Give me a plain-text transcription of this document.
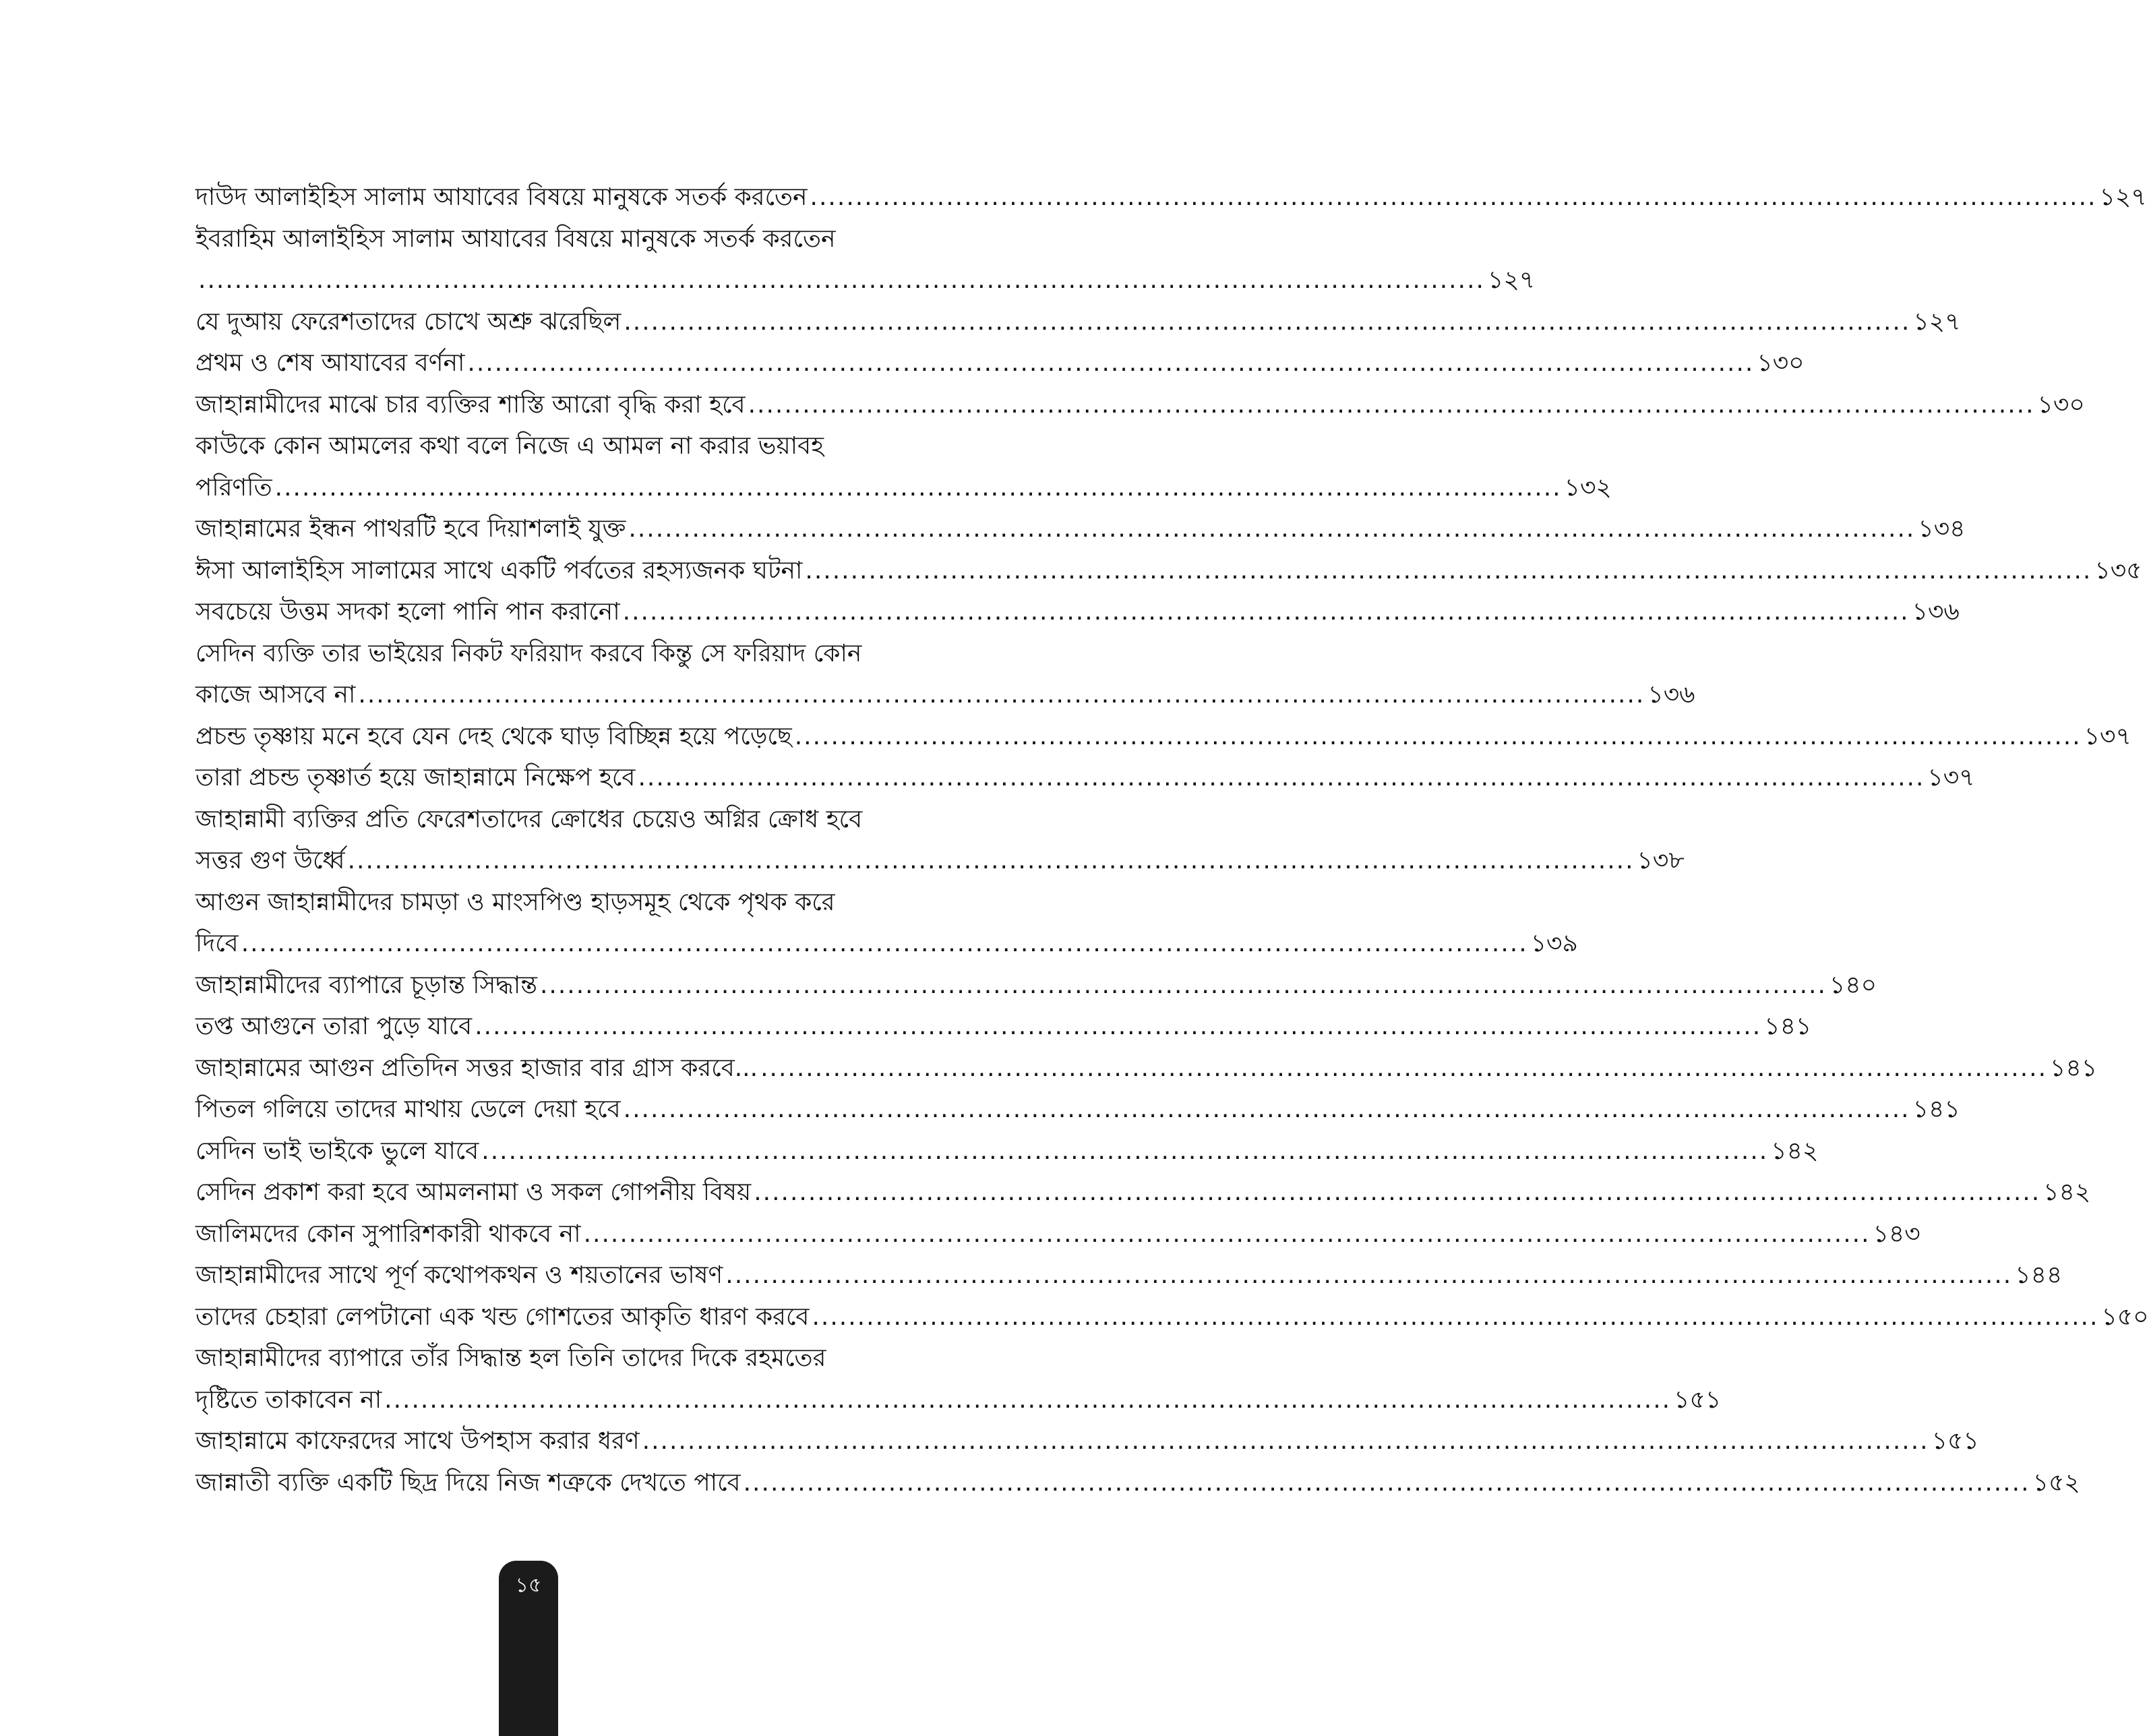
দাউদ আলাইহিস সালাম আযাবের বিষয়ে মানুষকে সতর্ক করতেন .............................................................................................................................................. ১২৭
ইবরাহিম আলাইহিস সালাম আযাবের বিষয়ে মানুষকে সতর্ক করতেন
.............................................................................................................................................. ১২৭
যে দুআয় ফেরেশতাদের চোখে অশ্রু ঝরেছিল .............................................................................................................................................. ১২৭
প্রথম ও শেষ আযাবের বর্ণনা .............................................................................................................................................. ১৩০
জাহান্নামীদের মাঝে চার ব্যক্তির শাস্তি আরো বৃদ্ধি করা হবে .............................................................................................................................................. ১৩০
কাউকে কোন আমলের কথা বলে নিজে এ আমল না করার ভয়াবহ
পরিণতি .............................................................................................................................................. ১৩২
জাহান্নামের ইন্ধন পাথরটি হবে দিয়াশলাই যুক্ত .............................................................................................................................................. ১৩৪
ঈসা আলাইহিস সালামের সাথে একটি পর্বতের রহস্যজনক ঘটনা .............................................................................................................................................. ১৩৫
সবচেয়ে উত্তম সদকা হলো পানি পান করানো .............................................................................................................................................. ১৩৬
সেদিন ব্যক্তি তার ভাইয়ের নিকট ফরিয়াদ করবে কিন্তু সে ফরিয়াদ কোন
কাজে আসবে না .............................................................................................................................................. ১৩৬
প্রচন্ড তৃষ্ণায় মনে হবে যেন দেহ থেকে ঘাড় বিচ্ছিন্ন হয়ে পড়েছে .............................................................................................................................................. ১৩৭
তারা প্রচন্ড তৃষ্ণার্ত হয়ে জাহান্নামে নিক্ষেপ হবে .............................................................................................................................................. ১৩৭
জাহান্নামী ব্যক্তির প্রতি ফেরেশতাদের ক্রোধের চেয়েও অগ্নির ক্রোধ হবে
সত্তর গুণ উর্ধ্বে .............................................................................................................................................. ১৩৮
আগুন জাহান্নামীদের চামড়া ও মাংসপিণ্ড হাড়সমূহ থেকে পৃথক করে
দিবে .............................................................................................................................................. ১৩৯
জাহান্নামীদের ব্যাপারে চূড়ান্ত সিদ্ধান্ত .............................................................................................................................................. ১৪০
তপ্ত আগুনে তারা পুড়ে যাবে .............................................................................................................................................. ১৪১
জাহান্নামের আগুন প্রতিদিন সত্তর হাজার বার গ্রাস করবে... .............................................................................................................................................. ১৪১
পিতল গলিয়ে তাদের মাথায় ডেলে দেয়া হবে .............................................................................................................................................. ১৪১
সেদিন ভাই ভাইকে ভুলে যাবে .............................................................................................................................................. ১৪২
সেদিন প্রকাশ করা হবে আমলনামা ও সকল গোপনীয় বিষয় .............................................................................................................................................. ১৪২
জালিমদের কোন সুপারিশকারী থাকবে না .............................................................................................................................................. ১৪৩
জাহান্নামীদের সাথে পূর্ণ কথোপকথন ও শয়তানের ভাষণ .............................................................................................................................................. ১৪৪
তাদের চেহারা লেপটানো এক খন্ড গোশতের আকৃতি ধারণ করবে .............................................................................................................................................. ১৫০
জাহান্নামীদের ব্যাপারে তাঁর সিদ্ধান্ত হল তিনি তাদের দিকে রহমতের
দৃষ্টিতে তাকাবেন না .............................................................................................................................................. ১৫১
জাহান্নামে কাফেরদের সাথে উপহাস করার ধরণ .............................................................................................................................................. ১৫১
জান্নাতী ব্যক্তি একটি ছিদ্র দিয়ে নিজ শত্রুকে দেখতে পাবে .............................................................................................................................................. ১৫২
১৫
